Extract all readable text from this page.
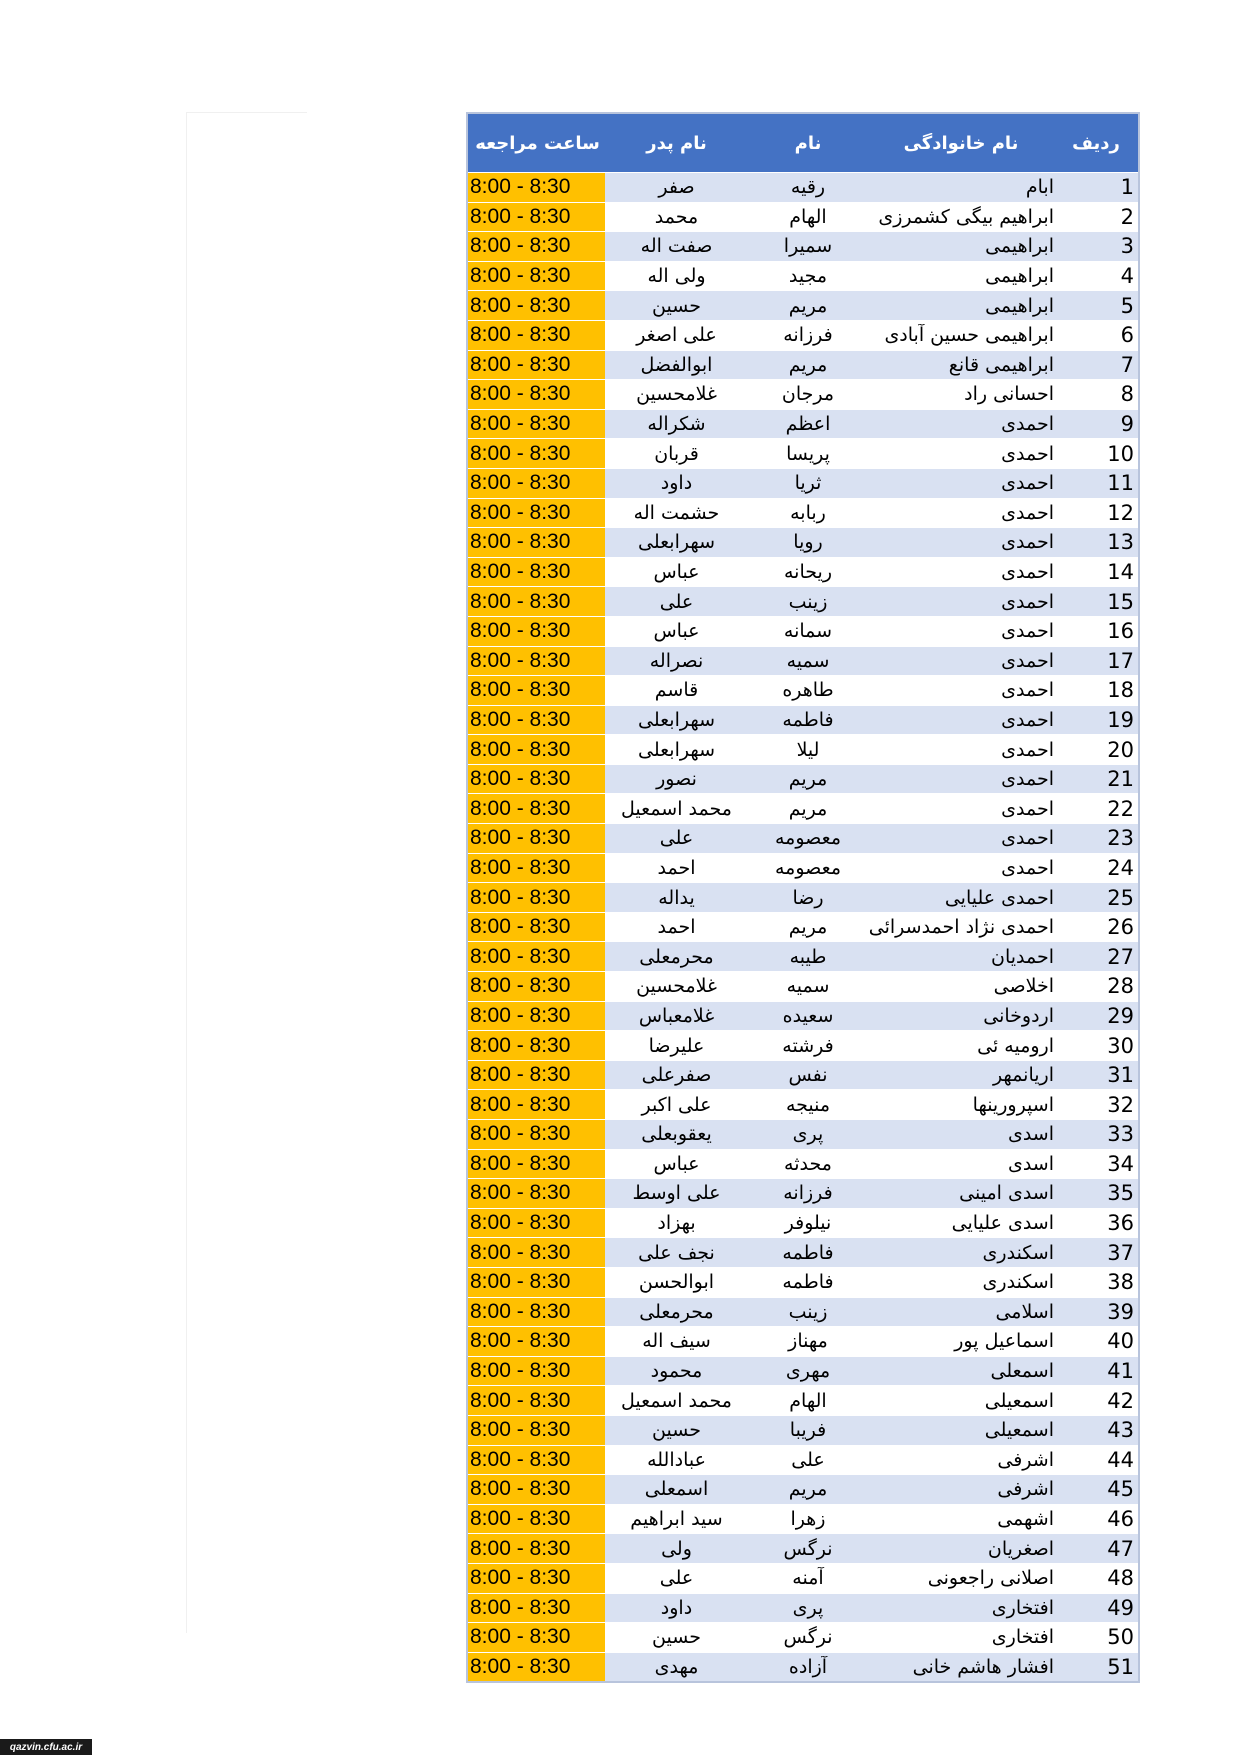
ردیف
نام خانوادگی
نام
نام پدر
ساعت مراجعه
1
ابام
رقیه
صفر
8:00 - 8:30
2
ابراهیم بیگی کشمرزی
الهام
محمد
8:00 - 8:30
3
ابراهیمی
سمیرا
صفت اله
8:00 - 8:30
4
ابراهیمی
مجید
ولی اله
8:00 - 8:30
5
ابراهیمی
مریم
حسین
8:00 - 8:30
6
ابراهیمی حسین آبادی
فرزانه
علی اصغر
8:00 - 8:30
7
ابراهیمی قانع
مریم
ابوالفضل
8:00 - 8:30
8
احسانی راد
مرجان
غلامحسین
8:00 - 8:30
9
احمدی
اعظم
شکراله
8:00 - 8:30
10
احمدی
پریسا
قربان
8:00 - 8:30
11
احمدی
ثریا
داود
8:00 - 8:30
12
احمدی
ربابه
حشمت اله
8:00 - 8:30
13
احمدی
رویا
سهرابعلی
8:00 - 8:30
14
احمدی
ریحانه
عباس
8:00 - 8:30
15
احمدی
زینب
علی
8:00 - 8:30
16
احمدی
سمانه
عباس
8:00 - 8:30
17
احمدی
سمیه
نصراله
8:00 - 8:30
18
احمدی
طاهره
قاسم
8:00 - 8:30
19
احمدی
فاطمه
سهرابعلی
8:00 - 8:30
20
احمدی
لیلا
سهرابعلی
8:00 - 8:30
21
احمدی
مریم
نصور
8:00 - 8:30
22
احمدی
مریم
محمد اسمعیل
8:00 - 8:30
23
احمدی
معصومه
علی
8:00 - 8:30
24
احمدی
معصومه
احمد
8:00 - 8:30
25
احمدی علیایی
رضا
یداله
8:00 - 8:30
26
احمدی نژاد احمدسرائی
مریم
احمد
8:00 - 8:30
27
احمدیان
طیبه
محرمعلی
8:00 - 8:30
28
اخلاصی
سمیه
غلامحسین
8:00 - 8:30
29
اردوخانی
سعیده
غلامعباس
8:00 - 8:30
30
ارومیه ئی
فرشته
علیرضا
8:00 - 8:30
31
اریانمهر
نفس
صفرعلی
8:00 - 8:30
32
اسپرورینها
منیجه
علی اکبر
8:00 - 8:30
33
اسدی
پری
یعقوبعلی
8:00 - 8:30
34
اسدی
محدثه
عباس
8:00 - 8:30
35
اسدی امینی
فرزانه
علی اوسط
8:00 - 8:30
36
اسدی علیایی
نیلوفر
بهزاد
8:00 - 8:30
37
اسکندری
فاطمه
نجف علی
8:00 - 8:30
38
اسکندری
فاطمه
ابوالحسن
8:00 - 8:30
39
اسلامی
زینب
محرمعلی
8:00 - 8:30
40
اسماعیل پور
مهناز
سیف اله
8:00 - 8:30
41
اسمعلی
مهری
محمود
8:00 - 8:30
42
اسمعیلی
الهام
محمد اسمعیل
8:00 - 8:30
43
اسمعیلی
فریبا
حسین
8:00 - 8:30
44
اشرفی
علی
عبادالله
8:00 - 8:30
45
اشرفی
مریم
اسمعلی
8:00 - 8:30
46
اشهمی
زهرا
سید ابراهیم
8:00 - 8:30
47
اصغریان
نرگس
ولی
8:00 - 8:30
48
اصلانی راجعونی
آمنه
علی
8:00 - 8:30
49
افتخاری
پری
داود
8:00 - 8:30
50
افتخاری
نرگس
حسین
8:00 - 8:30
51
افشار هاشم خانی
آزاده
مهدی
8:00 - 8:30
qazvin.cfu.ac.ir
